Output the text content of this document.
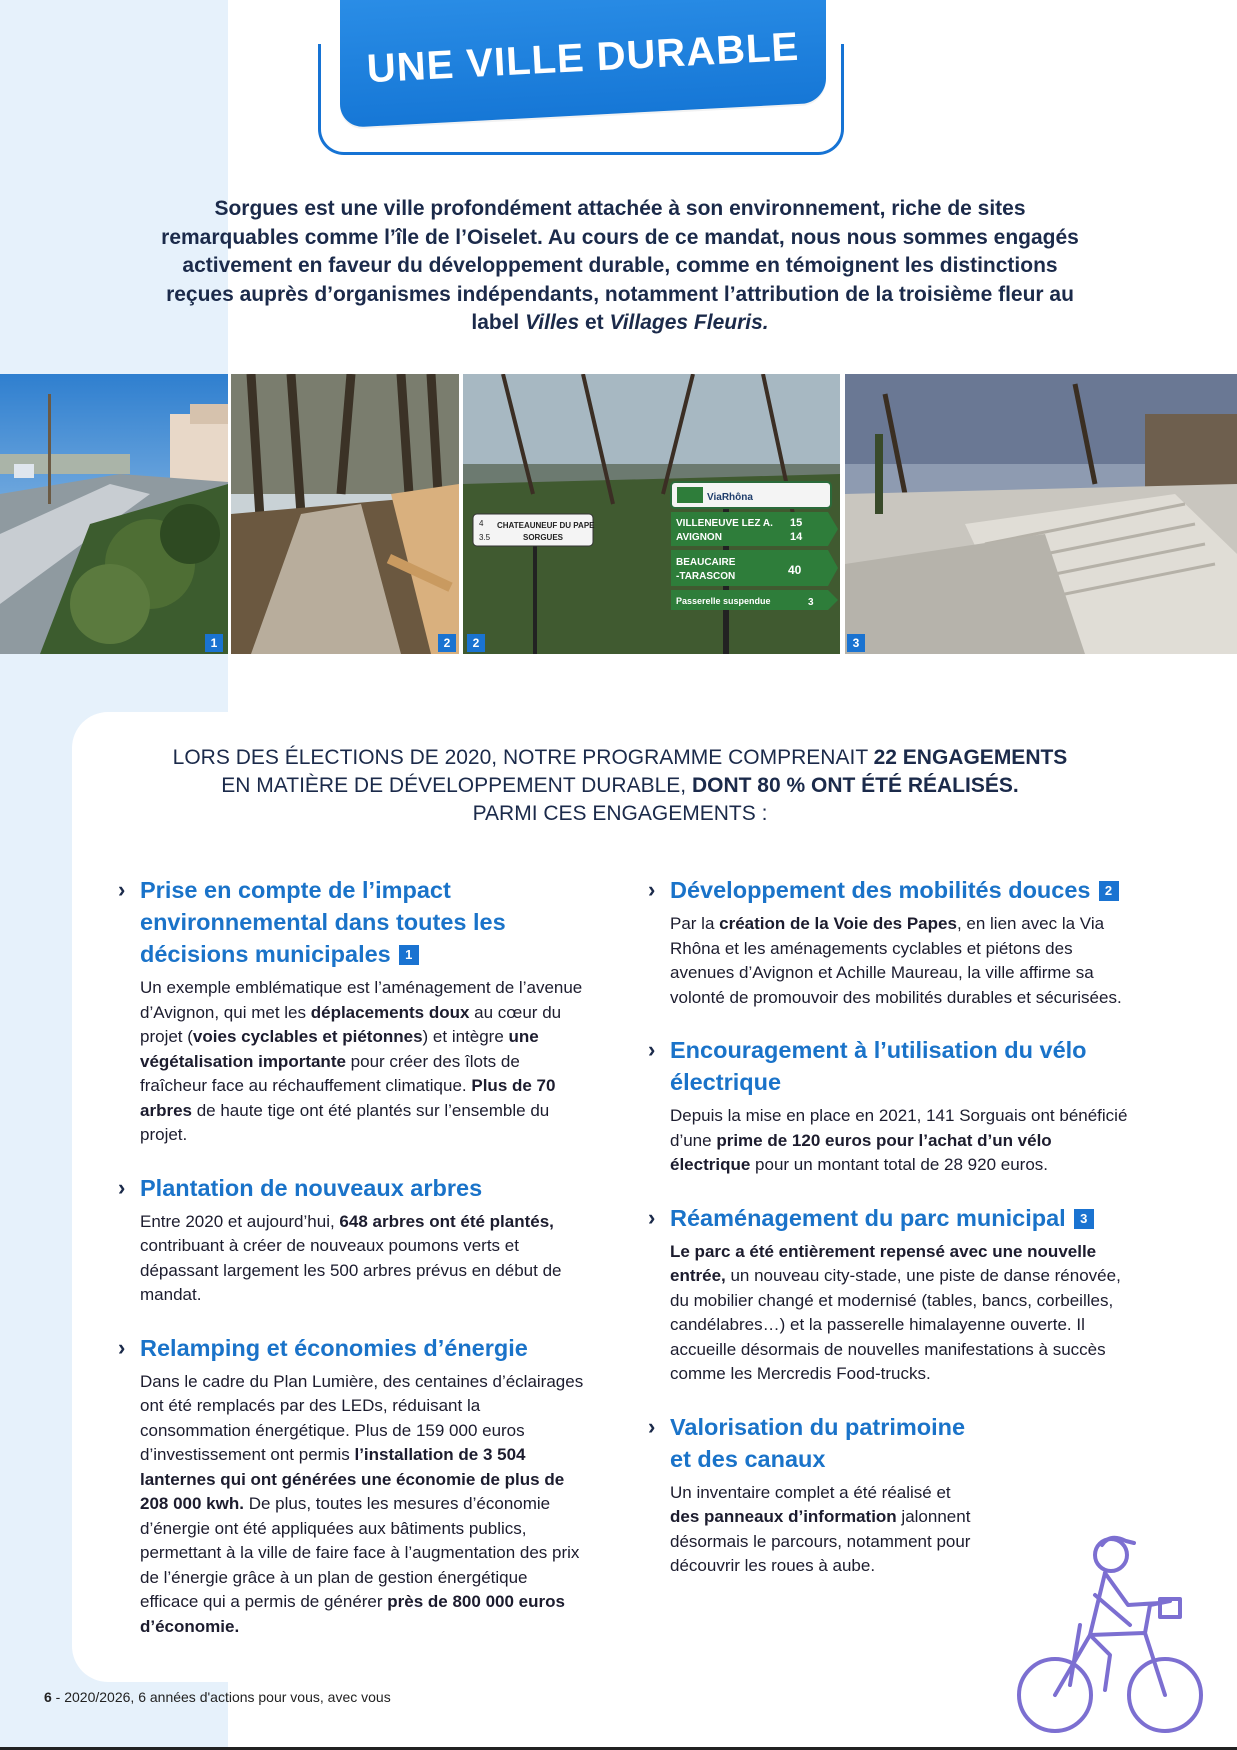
UNE VILLE DURABLE
Sorgues est une ville profondément attachée à son environnement, riche de sites
remarquables comme l’île de l’Oiselet. Au cours de ce mandat, nous nous sommes engagés
activement en faveur du développement durable, comme en témoignent les distinctions
reçues auprès d’organismes indépendants, notamment l’attribution de la troisième fleur au
label Villes et Villages Fleuris.
1	2
4
3.5
CHATEAUNEUF DU PAPE
SORGUES
ViaRhôna
VILLENEUVE LEZ A.
AVIGNON
15
14
BEAUCAIRE
-TARASCON	40
Passerelle suspendue	3
2	3
LORS DES ÉLECTIONS DE 2020, NOTRE PROGRAMME COMPRENAIT 22 ENGAGEMENTS
EN MATIÈRE DE DÉVELOPPEMENT DURABLE, DONT 80 % ONT ÉTÉ RÉALISÉS.
PARMI CES ENGAGEMENTS :
› Prise en compte de l’impact environnemental dans toutes les décisions municipales 1

Un exemple emblématique est l’aménagement de l’avenue d’Avignon, qui met les déplacements doux au cœur du projet (voies cyclables et piétonnes) et intègre une végétalisation importante pour créer des îlots de fraîcheur face au réchauffement climatique. Plus de 70 arbres de haute tige ont été plantés sur l’ensemble du projet.

› Plantation de nouveaux arbres

Entre 2020 et aujourd’hui, 648 arbres ont été plantés, contribuant à créer de nouveaux poumons verts et dépassant largement les 500 arbres prévus en début de mandat.

› Relamping et économies d’énergie

Dans le cadre du Plan Lumière, des centaines d’éclairages ont été remplacés par des LEDs, réduisant la consommation énergétique. Plus de 159 000 euros d’investissement ont permis l’installation de 3 504 lanternes qui ont générées une économie de plus de 208 000 kwh. De plus, toutes les mesures d’économie d’énergie ont été appliquées aux bâtiments publics, permettant à la ville de faire face à l’augmentation des prix de l’énergie grâce à un plan de gestion énergétique efficace qui a permis de générer près de 800 000 euros d’économie.

› Développement des mobilités douces 2

Par la création de la Voie des Papes, en lien avec la Via Rhôna et les aménagements cyclables et piétons des avenues d’Avignon et Achille Maureau, la ville affirme sa volonté de promouvoir des mobilités durables et sécurisées.

› Encouragement à l’utilisation du vélo électrique

Depuis la mise en place en 2021, 141 Sorguais ont bénéficié d’une prime de 120 euros pour l’achat d’un vélo électrique pour un montant total de 28 920 euros.

› Réaménagement du parc municipal 3

Le parc a été entièrement repensé avec une nouvelle entrée, un nouveau city-stade, une piste de danse rénovée, du mobilier changé et modernisé (tables, bancs, corbeilles, candélabres…) et la passerelle himalayenne ouverte. Il accueille désormais de nouvelles manifestations à succès comme les Mercredis Food-trucks.

› Valorisation du patrimoine et des canaux

Un inventaire complet a été réalisé et des panneaux d’information jalonnent désormais le parcours, notamment pour découvrir les roues à aube.

6 - 2020/2026, 6 années d'actions pour vous, avec vous
